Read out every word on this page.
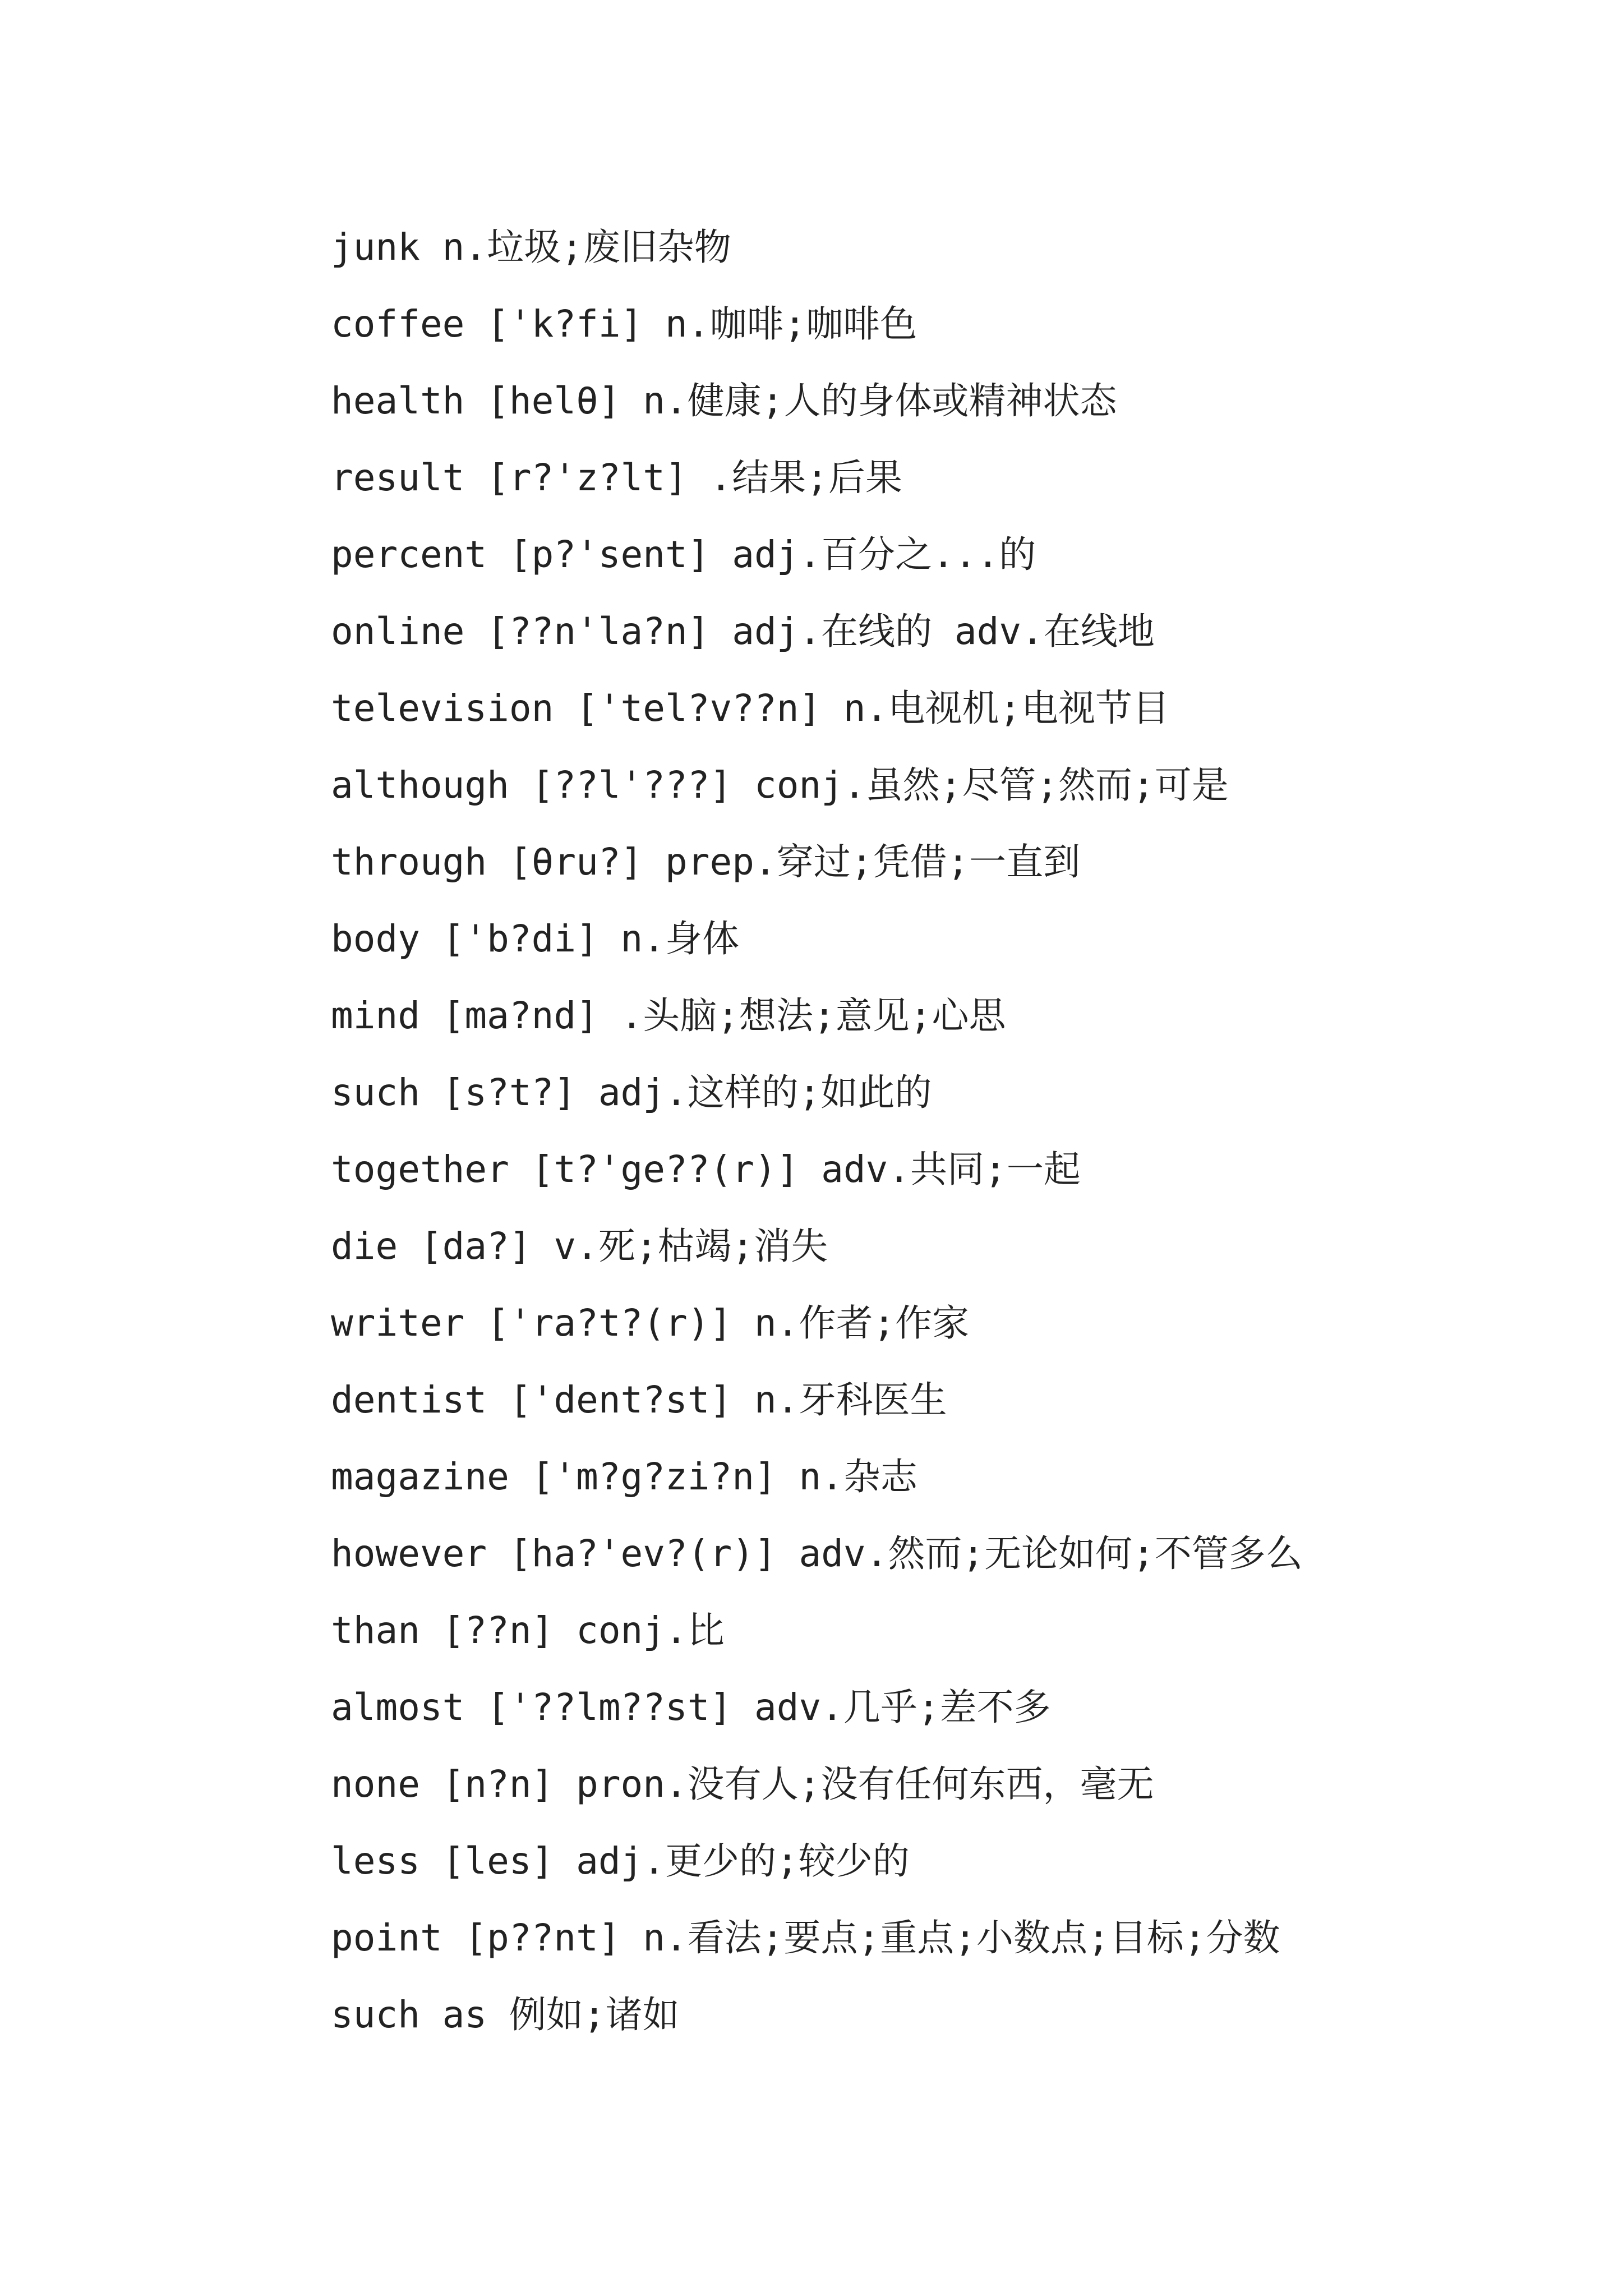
junk n.垃圾;废旧杂物
coffee ['k?fi] n.咖啡;咖啡色
health [helθ] n.健康;人的身体或精神状态
result [r?'z?lt] .结果;后果
percent [p?'sent] adj.百分之...的
online [??n'la?n] adj.在线的 adv.在线地
television ['tel?v??n] n.电视机;电视节目
although [??l'???] conj.虽然;尽管;然而;可是
through [θru?] prep.穿过;凭借;一直到
body ['b?di] n.身体
mind [ma?nd] .头脑;想法;意见;心思
such [s?t?] adj.这样的;如此的
together [t?'ge??(r)] adv.共同;一起
die [da?] v.死;枯竭;消失
writer ['ra?t?(r)] n.作者;作家
dentist ['dent?st] n.牙科医生
magazine ['m?g?zi?n] n.杂志
however [ha?'ev?(r)] adv.然而;无论如何;不管多么
than [??n] conj.比
almost ['??lm??st] adv.几乎;差不多
none [n?n] pron.没有人;没有任何东西，毫无
less [les] adj.更少的;较少的
point [p??nt] n.看法;要点;重点;小数点;目标;分数
such as 例如;诸如
